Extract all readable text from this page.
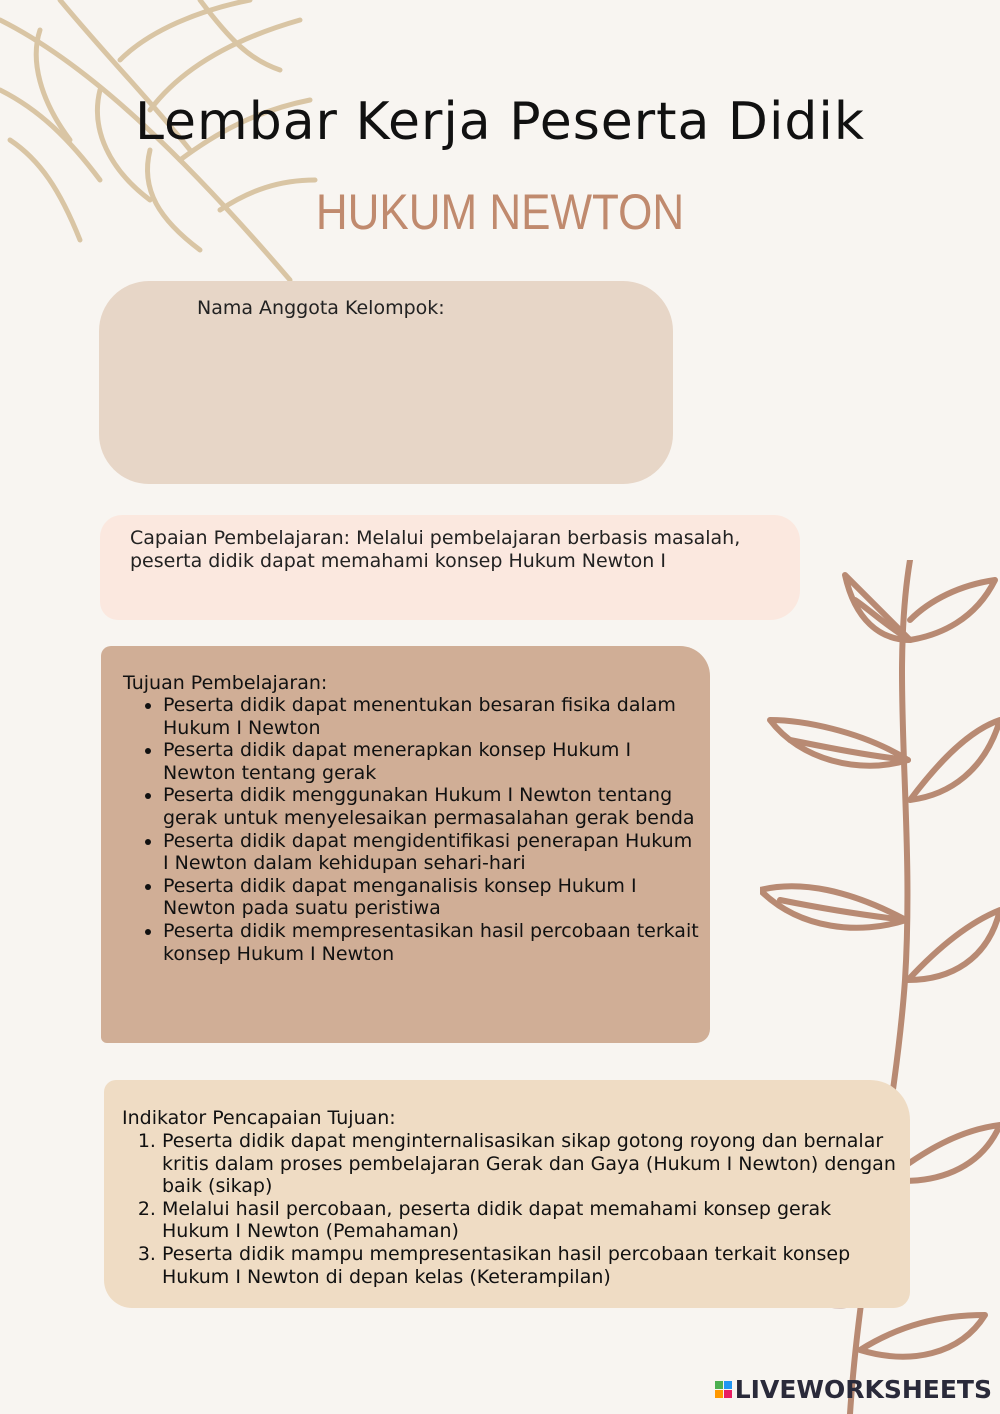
Lembar Kerja Peserta Didik
HUKUM NEWTON
Nama Anggota Kelompok:
Capaian Pembelajaran: Melalui pembelajaran berbasis masalah, peserta didik dapat memahami konsep Hukum Newton I
Tujuan Pembelajaran:
• Peserta didik dapat menentukan besaran fisika dalam Hukum I Newton
• Peserta didik dapat menerapkan konsep Hukum I Newton tentang gerak
• Peserta didik menggunakan Hukum I Newton tentang gerak untuk menyelesaikan permasalahan gerak benda
• Peserta didik dapat mengidentifikasi penerapan Hukum I Newton dalam kehidupan sehari-hari
• Peserta didik dapat menganalisis konsep Hukum I Newton pada suatu peristiwa
• Peserta didik mempresentasikan hasil percobaan terkait konsep Hukum I Newton
Indikator Pencapaian Tujuan:
1. Peserta didik dapat menginternalisasikan sikap gotong royong dan bernalar kritis dalam proses pembelajaran Gerak dan Gaya (Hukum I Newton) dengan baik (sikap)
2. Melalui hasil percobaan, peserta didik dapat memahami konsep gerak Hukum I Newton (Pemahaman)
3. Peserta didik mampu mempresentasikan hasil percobaan terkait konsep Hukum I Newton di depan kelas (Keterampilan)
LIVEWORKSHEETS
